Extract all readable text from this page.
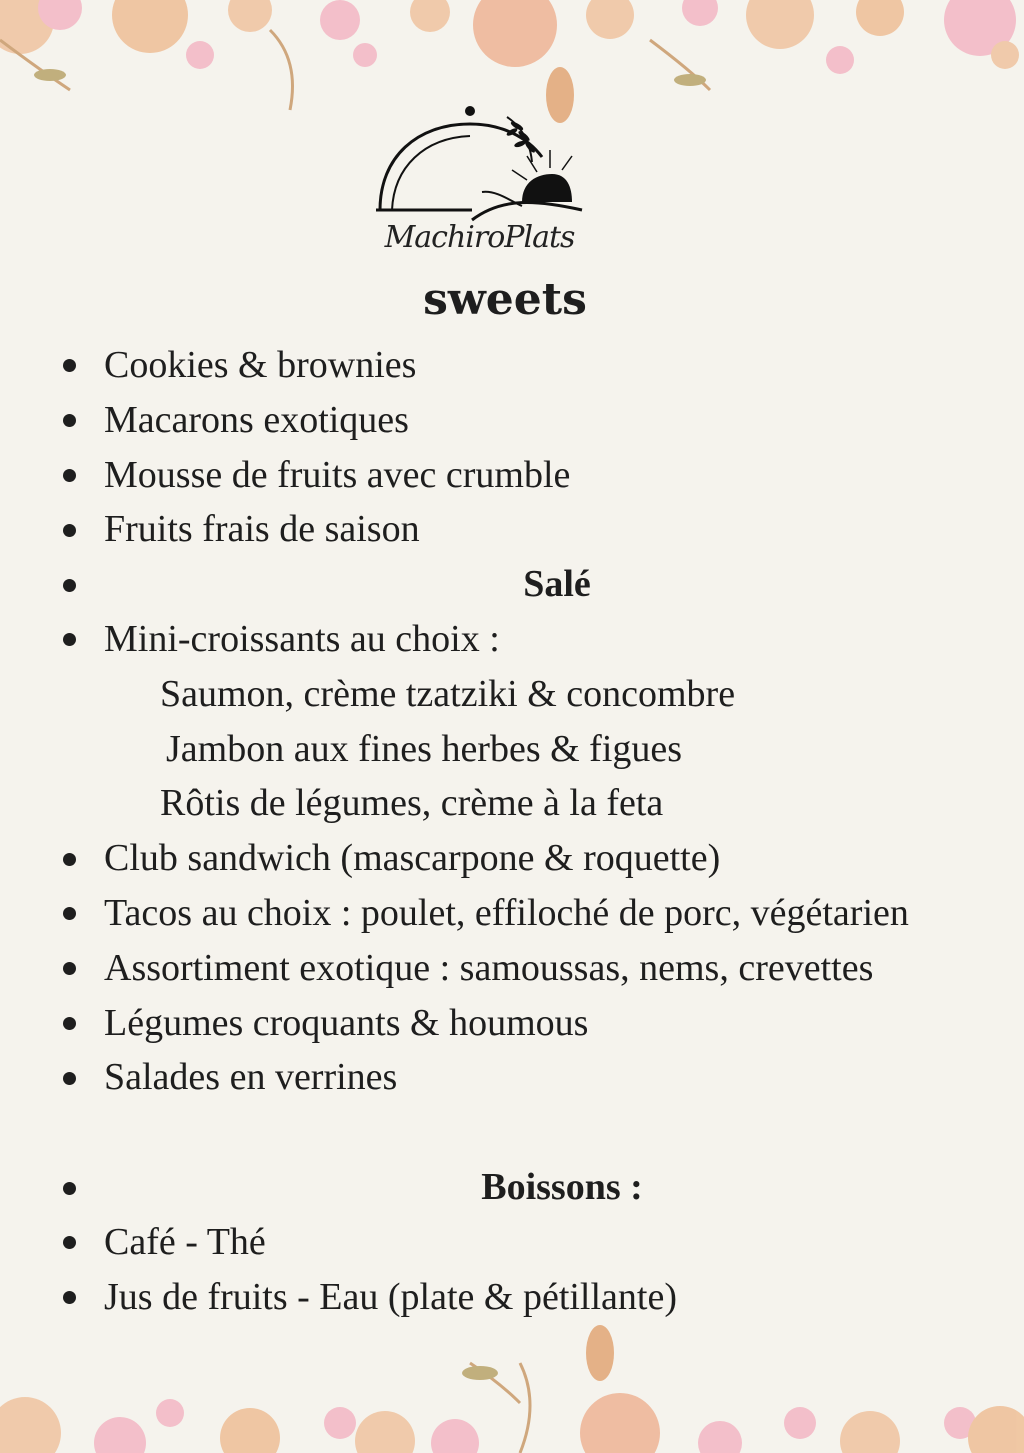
MachiroPlats
sweets
Cookies & brownies
Macarons exotiques
Mousse de fruits avec crumble
Fruits frais de saison
Salé
Mini-croissants au choix :
Saumon, crème tzatziki & concombre
Jambon aux fines herbes & figues
Rôtis de légumes, crème à la feta
Club sandwich (mascarpone & roquette)
Tacos au choix : poulet, effiloché de porc, végétarien
Assortiment exotique : samoussas, nems, crevettes
Légumes croquants & houmous
Salades en verrines
Boissons :
Café - Thé
Jus de fruits - Eau (plate & pétillante)
